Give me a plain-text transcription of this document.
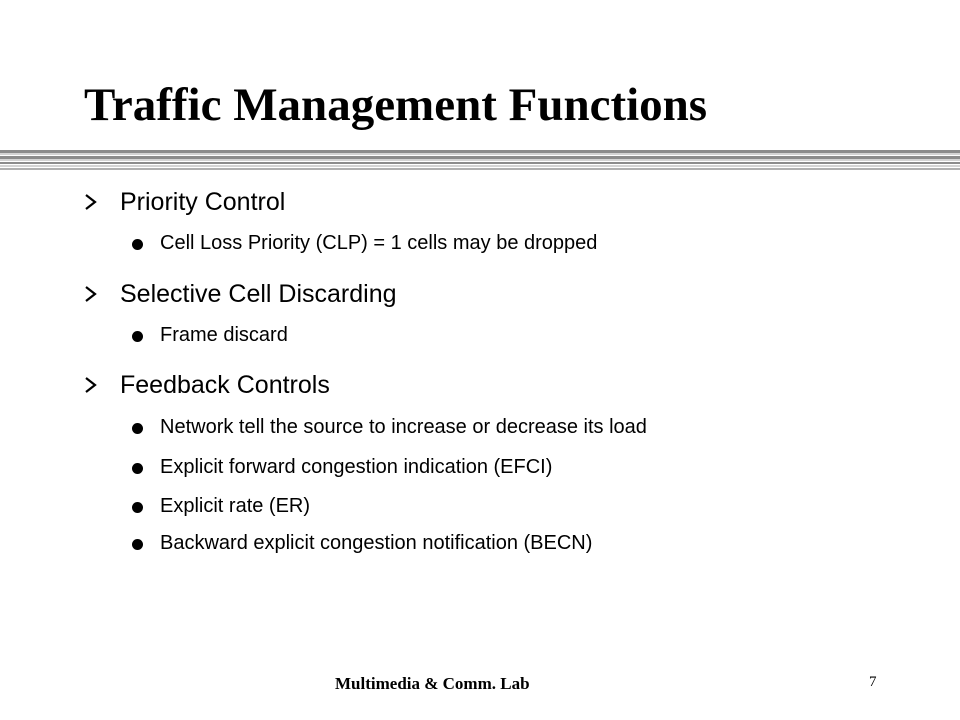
Traffic Management Functions
Priority Control
Cell Loss Priority (CLP) = 1 cells may be dropped
Selective Cell Discarding
Frame discard
Feedback Controls
Network tell the source to increase or decrease its load
Explicit forward congestion indication (EFCI)
Explicit rate (ER)
Backward explicit congestion notification (BECN)
Multimedia & Comm. Lab	7
